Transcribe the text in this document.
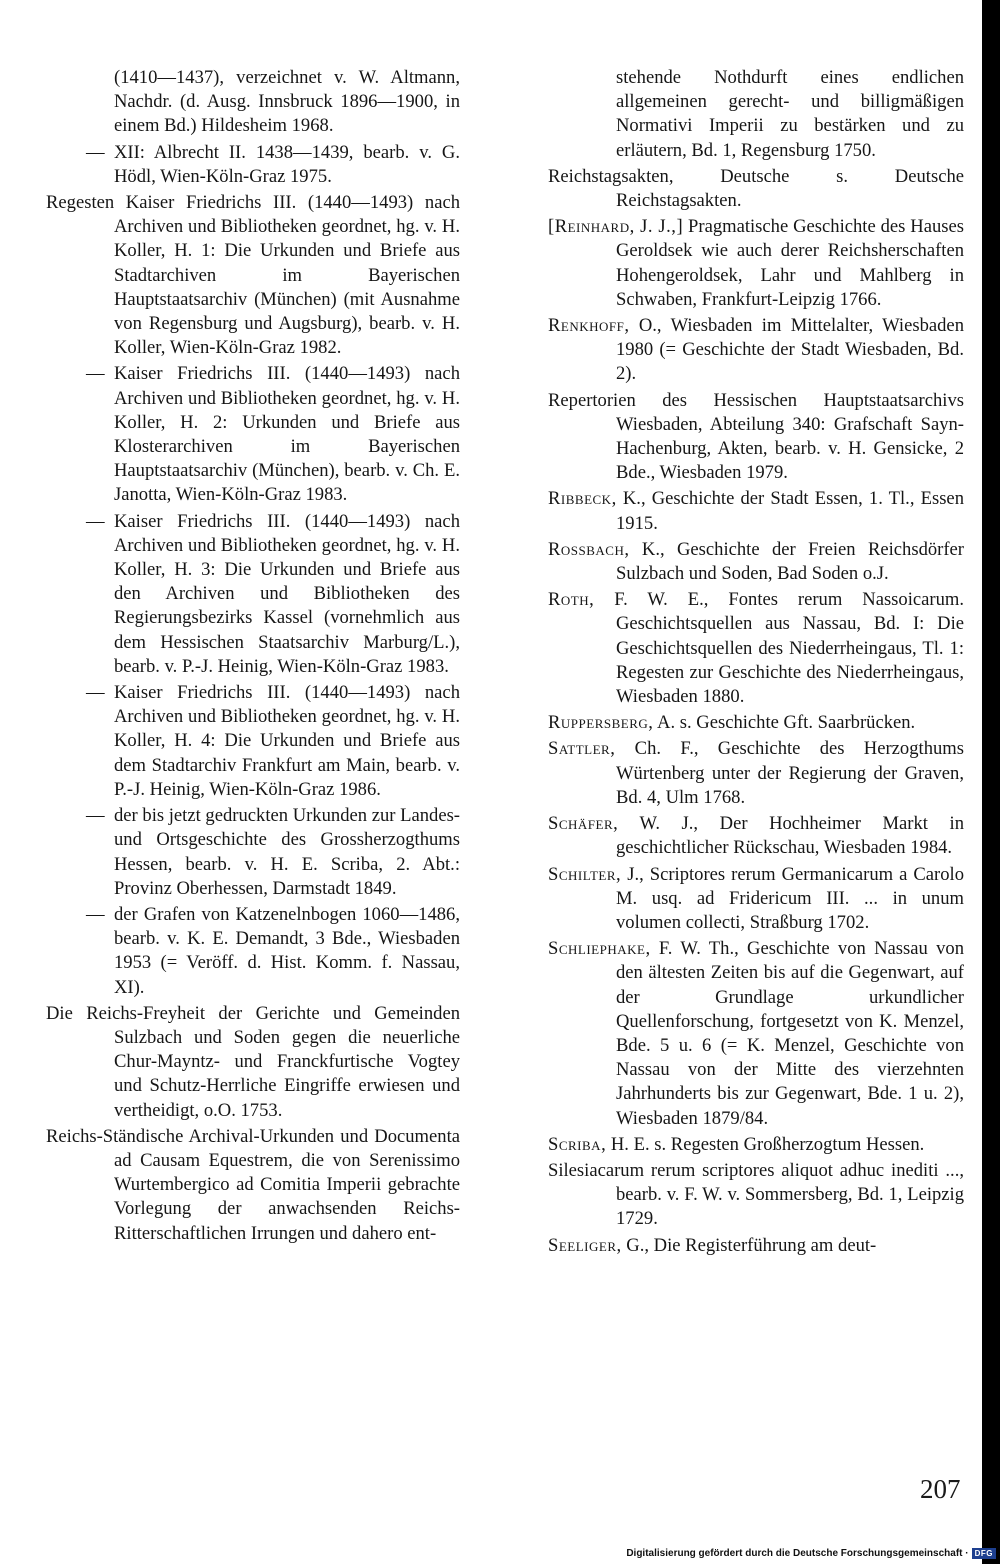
(1410—1437), verzeichnet v. W. Altmann, Nachdr. (d. Ausg. Innsbruck 1896—1900, in einem Bd.) Hildesheim 1968.

— XII: Albrecht II. 1438—1439, bearb. v. G. Hödl, Wien-Köln-Graz 1975.

Regesten Kaiser Friedrichs III. (1440—1493) nach Archiven und Bibliotheken geordnet, hg. v. H. Koller, H. 1: Die Urkunden und Briefe aus Stadtarchiven im Bayerischen Hauptstaatsarchiv (München) (mit Ausnahme von Regensburg und Augsburg), bearb. v. H. Koller, Wien-Köln-Graz 1982.

— Kaiser Friedrichs III. (1440—1493) nach Archiven und Bibliotheken geordnet, hg. v. H. Koller, H. 2: Urkunden und Briefe aus Klosterarchiven im Bayerischen Hauptstaatsarchiv (München), bearb. v. Ch. E. Janotta, Wien-Köln-Graz 1983.

— Kaiser Friedrichs III. (1440—1493) nach Archiven und Bibliotheken geordnet, hg. v. H. Koller, H. 3: Die Urkunden und Briefe aus den Archiven und Bibliotheken des Regierungsbezirks Kassel (vornehmlich aus dem Hessischen Staatsarchiv Marburg/L.), bearb. v. P.-J. Heinig, Wien-Köln-Graz 1983.

— Kaiser Friedrichs III. (1440—1493) nach Archiven und Bibliotheken geordnet, hg. v. H. Koller, H. 4: Die Urkunden und Briefe aus dem Stadtarchiv Frankfurt am Main, bearb. v. P.-J. Heinig, Wien-Köln-Graz 1986.

— der bis jetzt gedruckten Urkunden zur Landes- und Ortsgeschichte des Grossherzogthums Hessen, bearb. v. H. E. Scriba, 2. Abt.: Provinz Oberhessen, Darmstadt 1849.

— der Grafen von Katzenelnbogen 1060—1486, bearb. v. K. E. Demandt, 3 Bde., Wiesbaden 1953 (= Veröff. d. Hist. Komm. f. Nassau, XI).

Die Reichs-Freyheit der Gerichte und Gemeinden Sulzbach und Soden gegen die neuerliche Chur-Mayntz- und Franckfurtische Vogtey und Schutz-Herrliche Eingriffe erwiesen und vertheidigt, o.O. 1753.

Reichs-Ständische Archival-Urkunden und Documenta ad Causam Equestrem, die von Serenissimo Wurtembergico ad Comitia Imperii gebrachte Vorlegung der anwachsenden Reichs-Ritterschaftlichen Irrungen und dahero ent-

stehende Nothdurft eines endlichen allgemeinen gerecht- und billigmäßigen Normativi Imperii zu bestärken und zu erläutern, Bd. 1, Regensburg 1750.

Reichstagsakten, Deutsche s. Deutsche Reichstagsakten.

[Reinhard, J. J.,] Pragmatische Geschichte des Hauses Geroldsek wie auch derer Reichsherschaften Hohengeroldsek, Lahr und Mahlberg in Schwaben, Frankfurt-Leipzig 1766.

Renkhoff, O., Wiesbaden im Mittelalter, Wiesbaden 1980 (= Geschichte der Stadt Wiesbaden, Bd. 2).

Repertorien des Hessischen Hauptstaatsarchivs Wiesbaden, Abteilung 340: Grafschaft Sayn-Hachenburg, Akten, bearb. v. H. Gensicke, 2 Bde., Wiesbaden 1979.

Ribbeck, K., Geschichte der Stadt Essen, 1. Tl., Essen 1915.

Rossbach, K., Geschichte der Freien Reichsdörfer Sulzbach und Soden, Bad Soden o.J.

Roth, F. W. E., Fontes rerum Nassoicarum. Geschichtsquellen aus Nassau, Bd. I: Die Geschichtsquellen des Niederrheingaus, Tl. 1: Regesten zur Geschichte des Niederrheingaus, Wiesbaden 1880.

Ruppersberg, A. s. Geschichte Gft. Saarbrücken.

Sattler, Ch. F., Geschichte des Herzogthums Würtenberg unter der Regierung der Graven, Bd. 4, Ulm 1768.

Schäfer, W. J., Der Hochheimer Markt in geschichtlicher Rückschau, Wiesbaden 1984.

Schilter, J., Scriptores rerum Germanicarum a Carolo M. usq. ad Fridericum III. ... in unum volumen collecti, Straßburg 1702.

Schliephake, F. W. Th., Geschichte von Nassau von den ältesten Zeiten bis auf die Gegenwart, auf der Grundlage urkundlicher Quellenforschung, fortgesetzt von K. Menzel, Bde. 5 u. 6 (= K. Menzel, Geschichte von Nassau von der Mitte des vierzehnten Jahrhunderts bis zur Gegenwart, Bde. 1 u. 2), Wiesbaden 1879/84.

Scriba, H. E. s. Regesten Großherzogtum Hessen.

Silesiacarum rerum scriptores aliquot adhuc inediti ..., bearb. v. F. W. v. Sommersberg, Bd. 1, Leipzig 1729.

Seeliger, G., Die Registerführung am deut-

207
Digitalisierung gefördert durch die Deutsche Forschungsgemeinschaft · DFG
